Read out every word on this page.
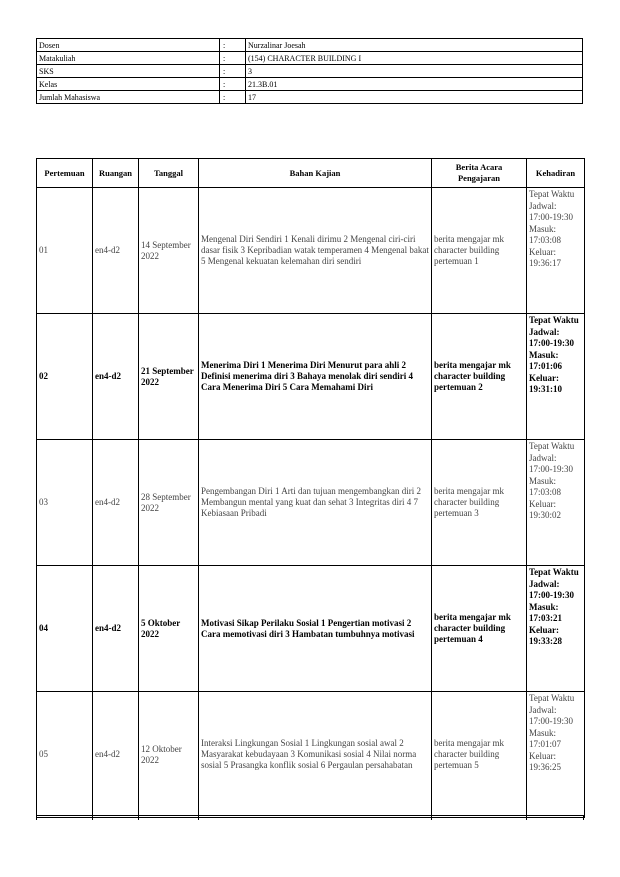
Dosen	:	Nurzalinar Joesah
Matakuliah	:	(154) CHARACTER BUILDING I
SKS	:	3
Kelas	:	21.3B.01
Jumlah Mahasiswa	:	17
Pertemuan	Ruangan	Tanggal	Bahan Kajian	Berita Acara Pengajaran	Kehadiran
01	en4-d2	14 September 2022	Mengenal Diri Sendiri 1 Kenali dirimu 2 Mengenal ciri-ciri dasar fisik 3 Kepribadian watak temperamen 4 Mengenal bakat 5 Mengenal kekuatan kelemahan diri sendiri	berita mengajar mk character building pertemuan 1	Tepat Waktu Jadwal: 17:00-19:30 Masuk: 17:03:08 Keluar: 19:36:17
02	en4-d2	21 September 2022	Menerima Diri 1 Menerima Diri Menurut para ahli 2 Definisi menerima diri 3 Bahaya menolak diri sendiri 4 Cara Menerima Diri 5 Cara Memahami Diri	berita mengajar mk character building pertemuan 2	Tepat Waktu Jadwal: 17:00-19:30 Masuk: 17:01:06 Keluar: 19:31:10
03	en4-d2	28 September 2022	Pengembangan Diri 1 Arti dan tujuan mengembangkan diri 2 Membangun mental yang kuat dan sehat 3 Integritas diri 4 7 Kebiasaan Pribadi	berita mengajar mk character building pertemuan 3	Tepat Waktu Jadwal: 17:00-19:30 Masuk: 17:03:08 Keluar: 19:30:02
04	en4-d2	5 Oktober 2022	Motivasi Sikap Perilaku Sosial 1 Pengertian motivasi 2 Cara memotivasi diri 3 Hambatan tumbuhnya motivasi	berita mengajar mk character building pertemuan 4	Tepat Waktu Jadwal: 17:00-19:30 Masuk: 17:03:21 Keluar: 19:33:28
05	en4-d2	12 Oktober 2022	Interaksi Lingkungan Sosial 1 Lingkungan sosial awal 2 Masyarakat kebudayaan 3 Komunikasi sosial 4 Nilai norma sosial 5 Prasangka konflik sosial 6 Pergaulan persahabatan	berita mengajar mk character building pertemuan 5	Tepat Waktu Jadwal: 17:00-19:30 Masuk: 17:01:07 Keluar: 19:36:25
